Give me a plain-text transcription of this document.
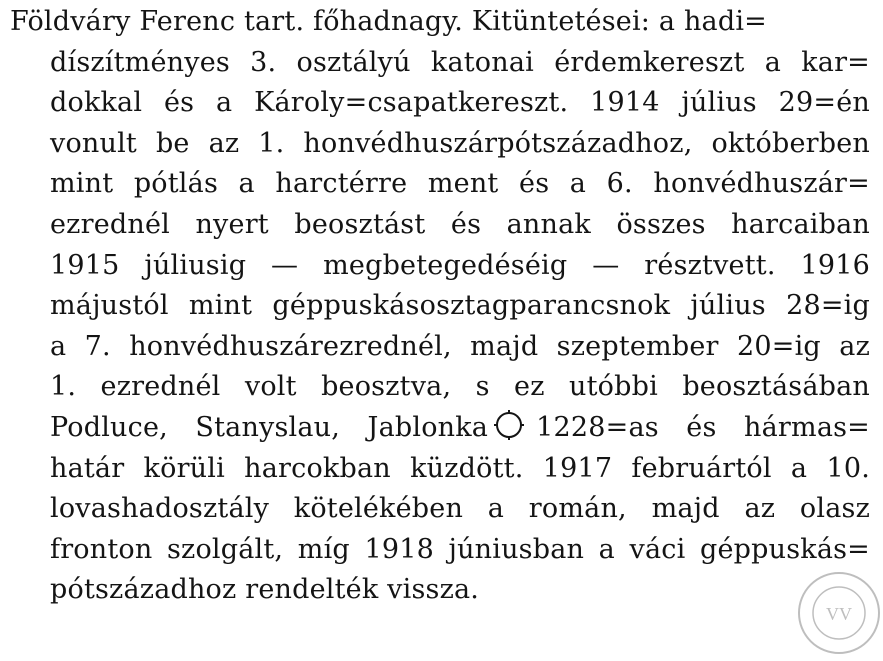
Földváry Ferenc tart. főhadnagy. Kitüntetései: a hadi=
díszítményes 3. osztályú katonai érdemkereszt a kar=
dokkal és a Károly=csapatkereszt. 1914 július 29=én
vonult be az 1. honvédhuszárpótszázadhoz, októberben
mint pótlás a harctérre ment és a 6. honvédhuszár=
ezrednél nyert beosztást és annak összes harcaiban
1915 júliusig — megbetegedéséig — résztvett. 1916
májustól mint géppuskásosztagparancsnok július 28=ig
a 7. honvédhuszárezrednél, majd szeptember 20=ig az
1. ezrednél volt beosztva, s ez utóbbi beosztásában
Podluce, Stanyslau, Jablonka 1228=as és hármas=
határ körüli harcokban küzdött. 1917 februártól a 10.
lovashadosztály kötelékében a román, majd az olasz
fronton szolgált, míg 1918 júniusban a váci géppuskás=
pótszázadhoz rendelték vissza.
VV
